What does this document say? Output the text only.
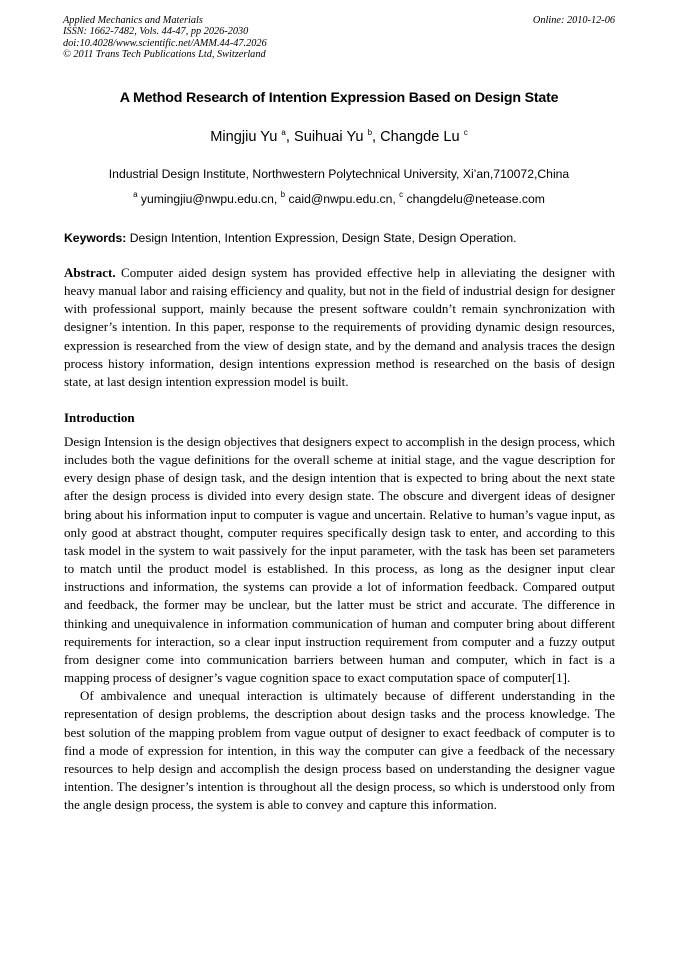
Applied Mechanics and Materials
ISSN: 1662-7482, Vols. 44-47, pp 2026-2030
doi:10.4028/www.scientific.net/AMM.44-47.2026
© 2011 Trans Tech Publications Ltd, Switzerland
Online: 2010-12-06
A Method Research of Intention Expression Based on Design State
Mingjiu Yu $^a$, Suihuai Yu $^b$, Changde Lu $^c$
Industrial Design Institute, Northwestern Polytechnical University, Xi’an,710072,China
$^a$ yumingjiu@nwpu.edu.cn, $^b$ caid@nwpu.edu.cn, $^c$ changdelu@netease.com
Keywords: Design Intention, Intention Expression, Design State, Design Operation.
Abstract. Computer aided design system has provided effective help in alleviating the designer with heavy manual labor and raising efficiency and quality, but not in the field of industrial design for designer with professional support, mainly because the present software couldn’t remain synchronization with designer’s intention. In this paper, response to the requirements of providing dynamic design resources, expression is researched from the view of design state, and by the demand and analysis traces the design process history information, design intentions expression method is researched on the basis of design state, at last design intention expression model is built.
Introduction

Design Intension is the design objectives that designers expect to accomplish in the design process, which includes both the vague definitions for the overall scheme at initial stage, and the vague description for every design phase of design task, and the design intention that is expected to bring about the next state after the design process is divided into every design state. The obscure and divergent ideas of designer bring about his information input to computer is vague and uncertain. Relative to human’s vague input, as only good at abstract thought, computer requires specifically design task to enter, and according to this task model in the system to wait passively for the input parameter, with the task has been set parameters to match until the product model is established. In this process, as long as the designer input clear instructions and information, the systems can provide a lot of information feedback. Compared output and feedback, the former may be unclear, but the latter must be strict and accurate. The difference in thinking and unequivalence in information communication of human and computer bring about different requirements for interaction, so a clear input instruction requirement from computer and a fuzzy output from designer come into communication barriers between human and computer, which in fact is a mapping process of designer’s vague cognition space to exact computation space of computer[1].

Of ambivalence and unequal interaction is ultimately because of different understanding in the representation of design problems, the description about design tasks and the process knowledge. The best solution of the mapping problem from vague output of designer to exact feedback of computer is to find a mode of expression for intention, in this way the computer can give a feedback of the necessary resources to help design and accomplish the design process based on understanding the designer vague intention. The designer’s intention is throughout all the design process, so which is understood only from the angle design process, the system is able to convey and capture this information.
